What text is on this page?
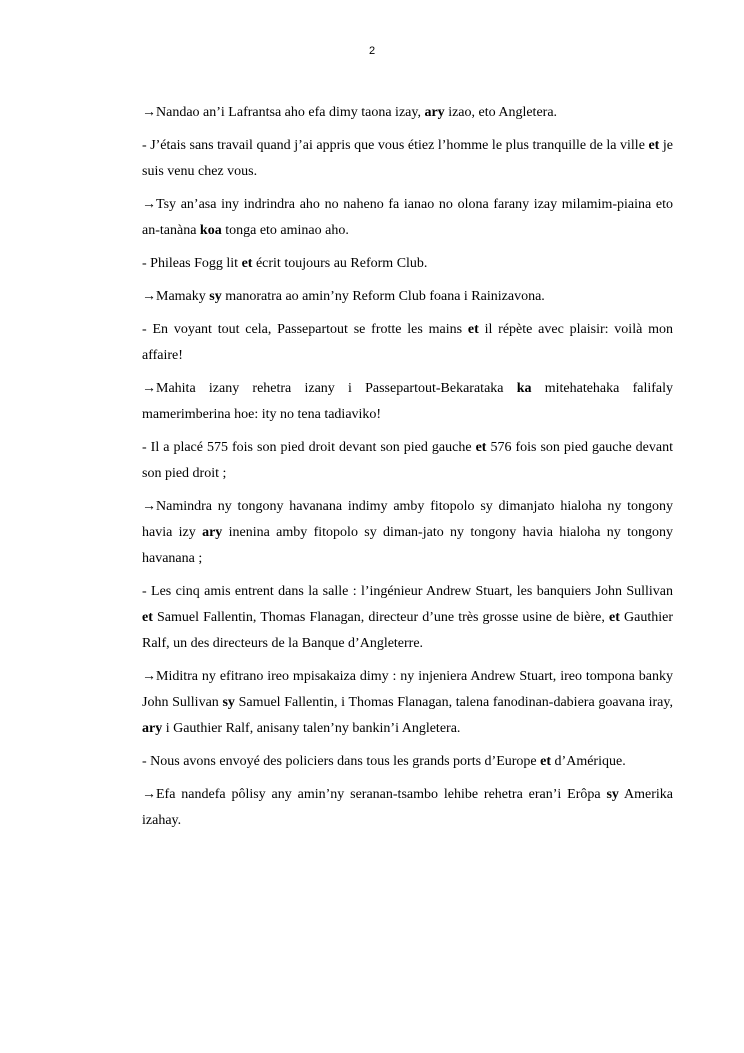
2

→Nandao an’i Lafrantsa aho efa dimy taona izay, ary izao, eto Angletera.

- J’étais sans travail quand j’ai appris que vous étiez l’homme le plus tranquille de la ville et je suis venu chez vous.

→Tsy an’asa iny indrindra aho no naheno fa ianao no olona farany izay milamim-piaina eto an-tanàna koa tonga eto aminao aho.

- Phileas Fogg lit et écrit toujours au Reform Club.

→Mamaky sy manoratra ao amin’ny Reform Club foana i Rainizavona.

- En voyant tout cela, Passepartout se frotte les mains et il répète avec plaisir: voilà mon affaire!

→Mahita izany rehetra izany i Passepartout-Bekarataka ka mitehatehaka falifaly mamerimberina hoe: ity no tena tadiaviko!

- Il a placé 575 fois son pied droit devant son pied gauche et 576 fois son pied gauche devant son pied droit ;

→Namindra ny tongony havanana indimy amby fitopolo sy dimanjato hialoha ny tongony havia izy ary inenina amby fitopolo sy diman-jato ny tongony havia hialoha ny tongony havanana ;

- Les cinq amis entrent dans la salle : l’ingénieur Andrew Stuart, les banquiers John Sullivan et Samuel Fallentin, Thomas Flanagan, directeur d’une très grosse usine de bière, et Gauthier Ralf, un des directeurs de la Banque d’Angleterre.

→Miditra ny efitrano ireo mpisakaiza dimy : ny injeniera Andrew Stuart, ireo tompona banky John Sullivan sy Samuel Fallentin, i Thomas Flanagan, talena fanodinan-dabiera goavana iray, ary i Gauthier Ralf, anisany talen’ny bankin’i Angletera.

- Nous avons envoyé des policiers dans tous les grands ports d’Europe et d’Amérique.

→Efa nandefa pôlisy any amin’ny seranan-tsambo lehibe rehetra eran’i Erôpa sy Amerika izahay.
